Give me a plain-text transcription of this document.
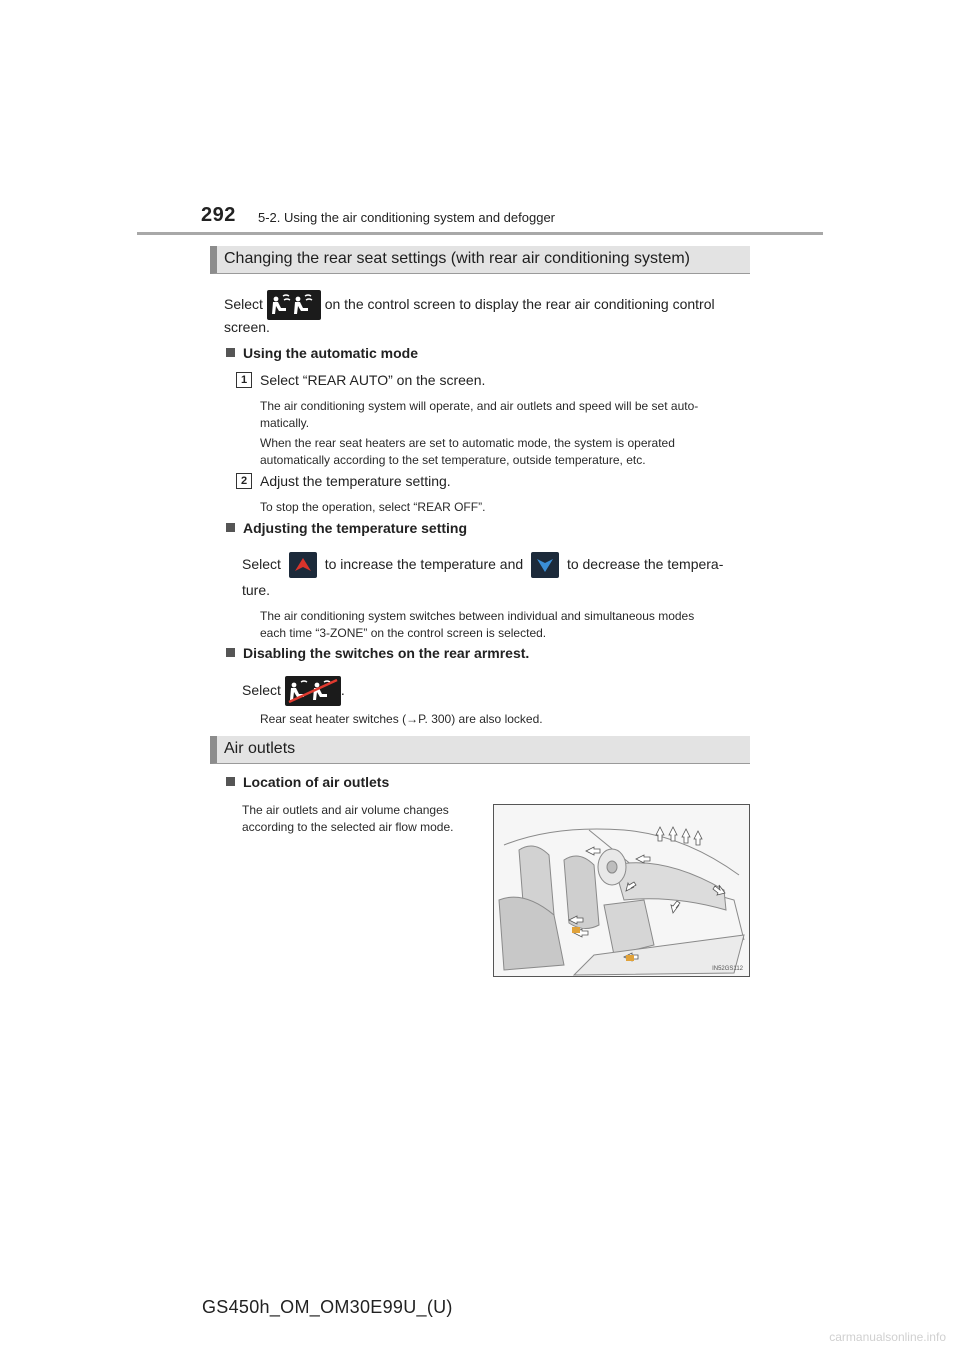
292 5-2. Using the air conditioning system and defogger
Changing the rear seat settings (with rear air conditioning system)
Select	on the control screen to display the rear air conditioning control
screen.
Using the automatic mode
1 Select “REAR AUTO” on the screen.
The air conditioning system will operate, and air outlets and speed will be set auto-
matically.
When the rear seat heaters are set to automatic mode, the system is operated
automatically according to the set temperature, outside temperature, etc.
2 Adjust the temperature setting.
To stop the operation, select “REAR OFF”.
Adjusting the temperature setting
Select	to increase the temperature and	to decrease the tempera-
ture.
The air conditioning system switches between individual and simultaneous modes
each time “3-ZONE” on the control screen is selected.
Disabling the switches on the rear armrest.
Select	.
Rear seat heater switches (→P. 300) are also locked.
Air outlets
Location of air outlets
The air outlets and air volume changes
according to the selected air flow mode.
IN52GS112
GS450h_OM_OM30E99U_(U)
carmanualsonline.info
